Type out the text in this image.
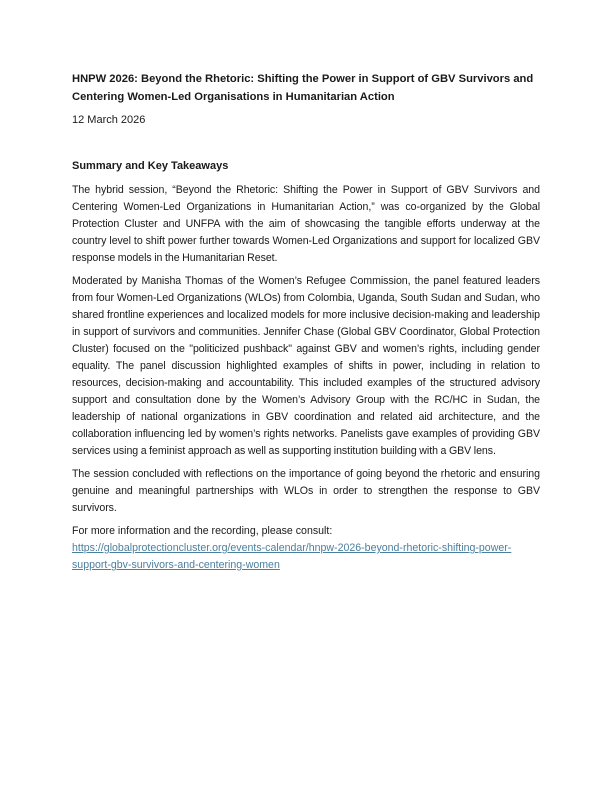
HNPW 2026: Beyond the Rhetoric: Shifting the Power in Support of GBV Survivors and Centering Women-Led Organisations in Humanitarian Action

12 March 2026

Summary and Key Takeaways

The hybrid session, “Beyond the Rhetoric: Shifting the Power in Support of GBV Survivors and Centering Women-Led Organizations in Humanitarian Action,” was co-organized by the Global Protection Cluster and UNFPA with the aim of showcasing the tangible efforts underway at the country level to shift power further towards Women-Led Organizations and support for localized GBV response models in the Humanitarian Reset.

Moderated by Manisha Thomas of the Women’s Refugee Commission, the panel featured leaders from four Women-Led Organizations (WLOs) from Colombia, Uganda, South Sudan and Sudan, who shared frontline experiences and localized models for more inclusive decision-making and leadership in support of survivors and communities. Jennifer Chase (Global GBV Coordinator, Global Protection Cluster) focused on the "politicized pushback" against GBV and women’s rights, including gender equality. The panel discussion highlighted examples of shifts in power, including in relation to resources, decision-making and accountability. This included examples of the structured advisory support and consultation done by the Women’s Advisory Group with the RC/HC in Sudan, the leadership of national organizations in GBV coordination and related aid architecture, and the collaboration influencing led by women’s rights networks. Panelists gave examples of providing GBV services using a feminist approach as well as supporting institution building with a GBV lens.

The session concluded with reflections on the importance of going beyond the rhetoric and ensuring genuine and meaningful partnerships with WLOs in order to strengthen the response to GBV survivors.

For more information and the recording, please consult:

https://globalprotectioncluster.org/events-calendar/hnpw-2026-beyond-rhetoric-shifting-power-support-gbv-survivors-and-centering-women
